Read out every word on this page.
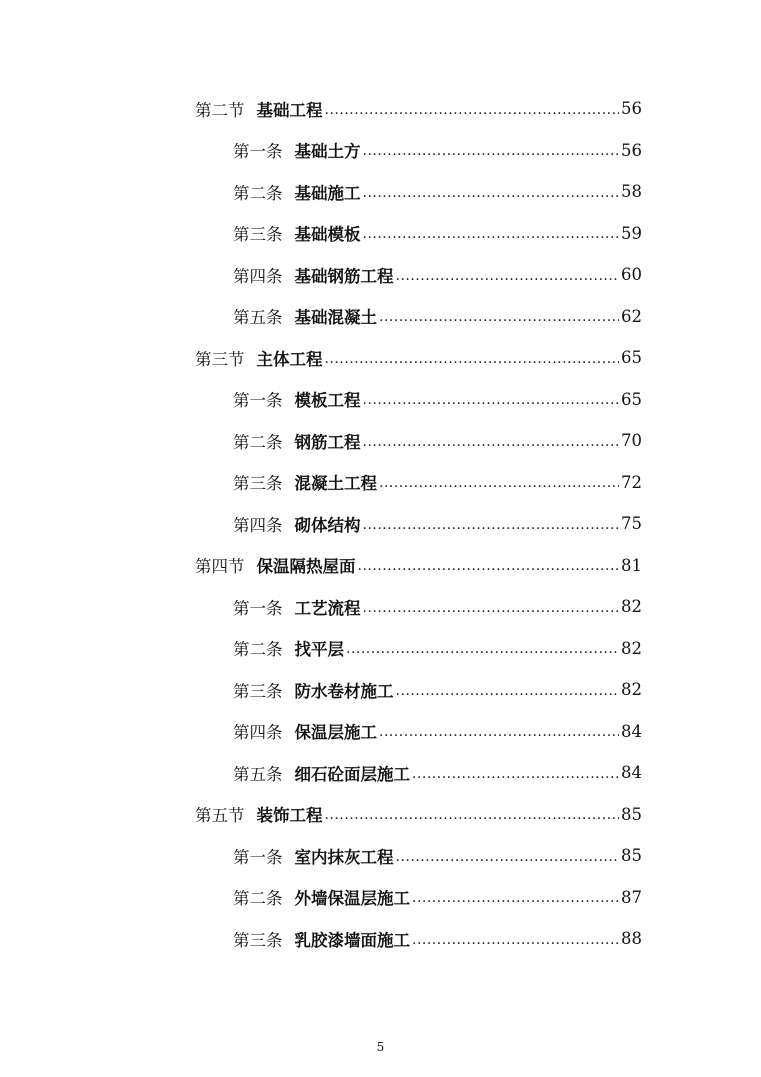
第二节 基础工程 .....	56
第一条 基础土方 .....	56
第二条 基础施工 .....	58
第三条 基础模板 .....	59
第四条 基础钢筋工程 .....	60
第五条 基础混凝土 .....	62
第三节 主体工程 .....	65
第一条 模板工程 .....	65
第二条 钢筋工程 .....	70
第三条 混凝土工程 .....	72
第四条 砌体结构 .....	75
第四节 保温隔热屋面 .....	81
第一条 工艺流程 .....	82
第二条 找平层 .....	82
第三条 防水卷材施工 .....	82
第四条 保温层施工 .....	84
第五条 细石砼面层施工 .....	84
第五节 装饰工程 .....	85
第一条 室内抹灰工程 .....	85
第二条 外墙保温层施工 .....	87
第三条 乳胶漆墙面施工 .....	88
5
